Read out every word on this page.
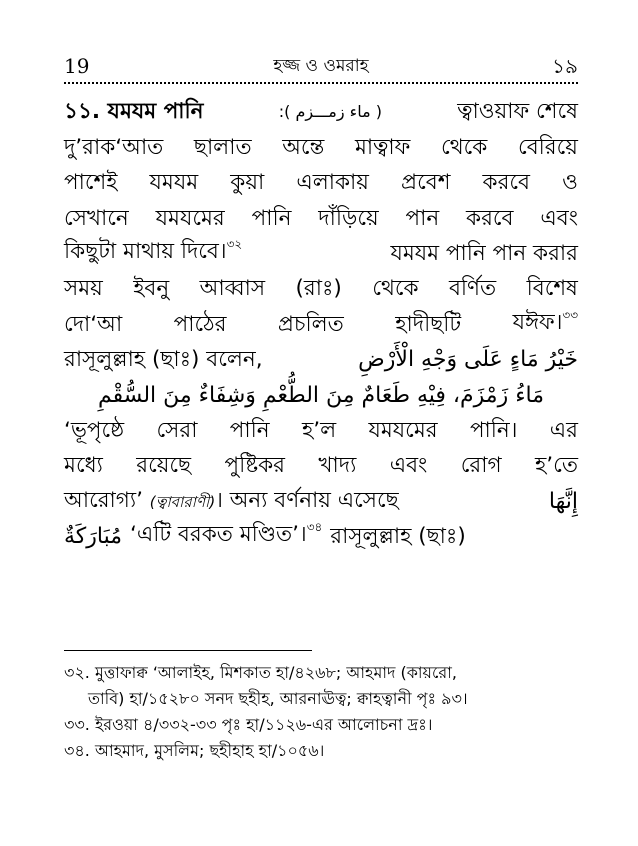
19	হজ্জ ও ওমরাহ	১৯
১১. যমযম পানি	( ماء زمـــزم ):	ত্বাওয়াফ শেষে
দু’রাক‘আত ছালাত অন্তে মাত্বাফ থেকে বেরিয়ে
পাশেই যমযম কুয়া এলাকায় প্রবেশ করবে ও
সেখানে যমযমের পানি দাঁড়িয়ে পান করবে এবং
কিছুটা মাথায় দিবে।$^{৩২}$	যমযম পানি পান করার
সময় ইবনু আব্বাস (রাঃ) থেকে বর্ণিত বিশেষ
দো‘আ পাঠের প্রচলিত হাদীছটি যঈফ।$^{৩৩}$
রাসূলুল্লাহ (ছাঃ) বলেন,	خَيْرُ مَاءٍ عَلَى وَجْهِ الْأَرْضِ
مَاءُ زَمْزَمَ، فِيْهِ طَعَامٌ مِنَ الطُّعْمِ وَشِفَاءٌ مِنَ السُّقْمِ
‘ভূপৃষ্ঠে সেরা পানি হ’ল যমযমের পানি। এর
মধ্যে রয়েছে পুষ্টিকর খাদ্য এবং রোগ হ’তে
আরোগ্য’ (ত্বাবারাণী)। অন্য বর্ণনায় এসেছে	إِنَّهَا
مُبَارَكَةٌ ‘এটি বরকত মণ্ডিত’।$^{৩৪}$ রাসূলুল্লাহ (ছাঃ)
৩২. মুত্তাফাক্ব ‘আলাইহ, মিশকাত হা/৪২৬৮; আহমাদ (কায়রো,
তাবি) হা/১৫২৮০ সনদ ছহীহ, আরনাঊত্ব; ক্বাহত্বানী পৃঃ ৯৩।
৩৩. ইরওয়া ৪/৩৩২-৩৩ পৃঃ হা/১১২৬-এর আলোচনা দ্রঃ।
৩৪. আহমাদ, মুসলিম; ছহীহাহ হা/১০৫৬।
